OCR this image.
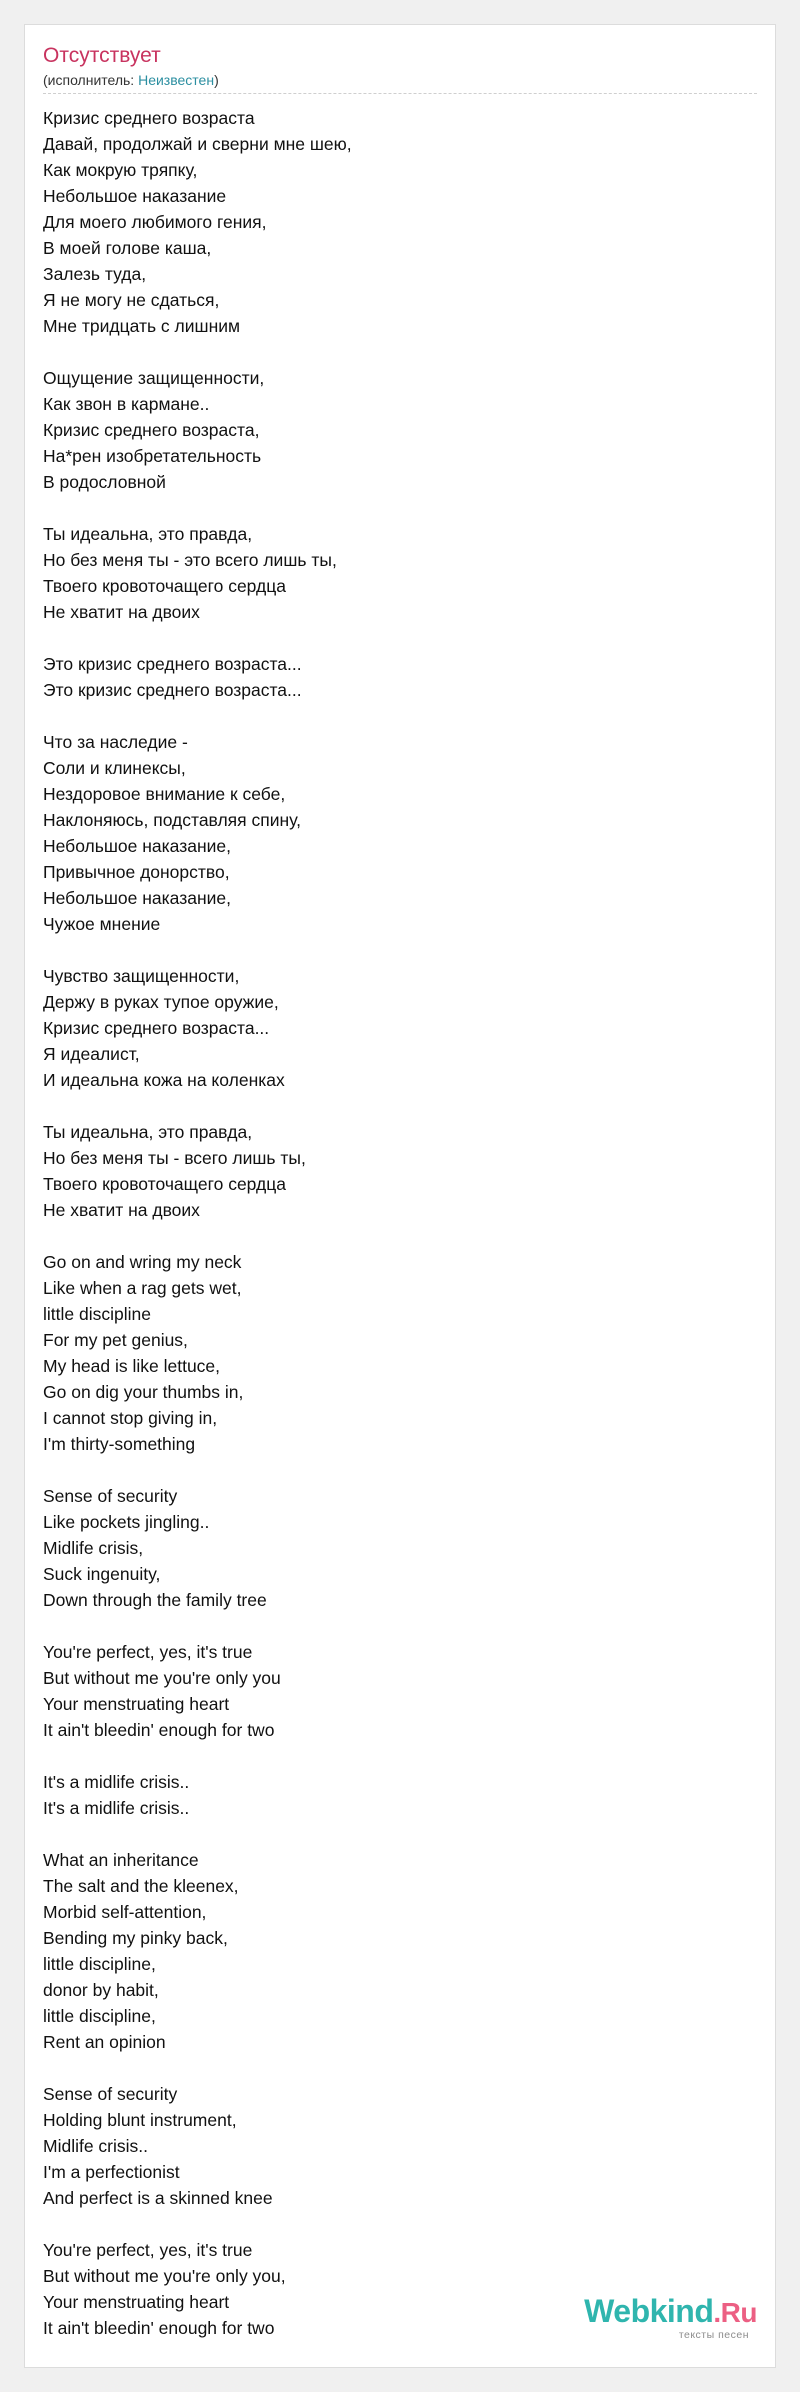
Отсутствует
(исполнитель: Неизвестен)
Кризис среднего возраста
Давай, продолжай и сверни мне шею,
Как мокрую тряпку,
Небольшое наказание
Для моего любимого гения,
В моей голове каша,
Залезь туда,
Я не могу не сдаться,
Мне тридцать с лишним
Ощущение защищенности,
Как звон в кармане..
Кризис среднего возраста,
На*рен изобретательность
В родословной
Ты идеальна, это правда,
Но без меня ты - это всего лишь ты,
Твоего кровоточащего сердца
Не хватит на двоих
Это кризис среднего возраста...
Это кризис среднего возраста...
Что за наследие -
Соли и клинексы,
Нездоровое внимание к себе,
Наклоняюсь, подставляя спину,
Небольшое наказание,
Привычное донорство,
Небольшое наказание,
Чужое мнение
Чувство защищенности,
Держу в руках тупое оружие,
Кризис среднего возраста...
Я идеалист,
И идеальна кожа на коленках
Ты идеальна, это правда,
Но без меня ты - всего лишь ты,
Твоего кровоточащего сердца
Не хватит на двоих
Go on and wring my neck
Like when a rag gets wet,
little discipline
For my pet genius,
My head is like lettuce,
Go on dig your thumbs in,
I cannot stop giving in,
I'm thirty-something
Sense of security
Like pockets jingling..
Midlife crisis,
Suck ingenuity,
Down through the family tree
You're perfect, yes, it's true
But without me you're only you
Your menstruating heart
It ain't bleedin' enough for two
It's a midlife crisis..
It's a midlife crisis..
What an inheritance
The salt and the kleenex,
Morbid self-attention,
Bending my pinky back,
little discipline,
donor by habit,
little discipline,
Rent an opinion
Sense of security
Holding blunt instrument,
Midlife crisis..
I'm a perfectionist
And perfect is a skinned knee
You're perfect, yes, it's true
But without me you're only you,
Your menstruating heart
It ain't bleedin' enough for two	Webkind.Ru
тексты песен
